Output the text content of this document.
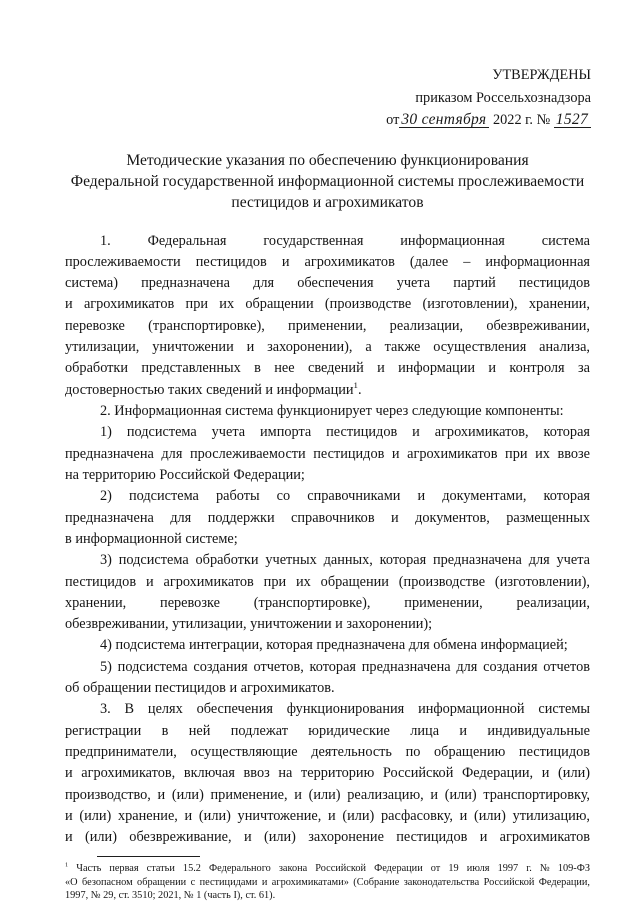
УТВЕРЖДЕНЫ
приказом Россельхознадзора
от 30 сентября 2022 г. № 1527
Методические указания по обеспечению функционирования
Федеральной государственной информационной системы прослеживаемости
пестицидов и агрохимикатов
1. Федеральная государственная информационная система
прослеживаемости пестицидов и агрохимикатов (далее – информационная
система) предназначена для обеспечения учета партий пестицидов
и агрохимикатов при их обращении (производстве (изготовлении), хранении,
перевозке (транспортировке), применении, реализации, обезвреживании,
утилизации, уничтожении и захоронении), а также осуществления анализа,
обработки представленных в нее сведений и информации и контроля за
достоверностью таких сведений и информации$^1$.
2. Информационная система функционирует через следующие компоненты:
1) подсистема учета импорта пестицидов и агрохимикатов, которая
предназначена для прослеживаемости пестицидов и агрохимикатов при их ввозе
на территорию Российской Федерации;
2) подсистема работы со справочниками и документами, которая
предназначена для поддержки справочников и документов, размещенных
в информационной системе;
3) подсистема обработки учетных данных, которая предназначена для учета
пестицидов и агрохимикатов при их обращении (производстве (изготовлении),
хранении, перевозке (транспортировке), применении, реализации,
обезвреживании, утилизации, уничтожении и захоронении);
4) подсистема интеграции, которая предназначена для обмена информацией;
5) подсистема создания отчетов, которая предназначена для создания отчетов
об обращении пестицидов и агрохимикатов.
3. В целях обеспечения функционирования информационной системы
регистрации в ней подлежат юридические лица и индивидуальные
предприниматели, осуществляющие деятельность по обращению пестицидов
и агрохимикатов, включая ввоз на территорию Российской Федерации, и (или)
производство, и (или) применение, и (или) реализацию, и (или) транспортировку,
и (или) хранение, и (или) уничтожение, и (или) расфасовку, и (или) утилизацию,
и (или) обезвреживание, и (или) захоронение пестицидов и агрохимикатов
$^1$ Часть первая статьи 15.2 Федерального закона Российской Федерации от 19 июля 1997 г. № 109-ФЗ
«О безопасном обращении с пестицидами и агрохимикатами» (Собрание законодательства Российской Федерации,
1997, № 29, ст. 3510; 2021, № 1 (часть I), ст. 61).
